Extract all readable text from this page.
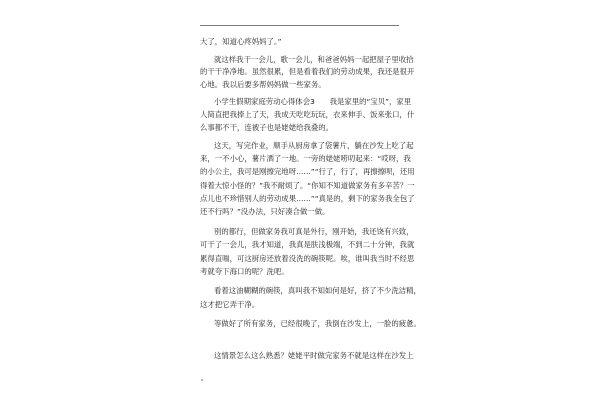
大了，知道心疼妈妈了。”
就这样我干一会儿，歌一会儿，和爸爸妈妈一起把屋子里收拾
的干干净净地。虽然很累，但是看着我们的劳动成果，我还是很开
心地。我以后要多帮妈妈做一些家务。
小学生假期家庭劳动心得体会3　　我是家里的“宝贝”，家里
人简直把我捧上了天，我成天吃吃玩玩，衣来伸手、饭来张口，什
么事都不干，连被子也是姥姥给我叠的。
这天，写完作业，顺手从厨房拿了袋薯片，躺在沙发上吃了起
来，一不小心，薯片洒了一地。一旁的姥姥唠叨起来：“哎呀，我
的小公主，我可是刚擦完地呀……”“行了，行了，再擦擦呗，还用
得着大惊小怪的？”我不耐烦了。“你知不知道做家务有多辛苦？一
点儿也不珍惜别人的劳动成果……”“真是的，剩下的家务我全包了
还不行吗？”没办法，只好凑合做一做。
别的都行，但做家务我可真是外行，刚开始，我还饶有兴致，
可干了一会儿，我才知道，我真是肤浅极端，不到二十分钟，我就
累得直喘，可这厨房还放着没洗的碗筷呢。唉，谁叫我当时不经思
考就夸下海口的呢？洗吧。
看着这油糊糊的碗筷，真叫我不知如何是好，挤了不少洗洁精，
这才把它弄干净。
等做好了所有家务，已经很晚了，我倒在沙发上，一脸的疲惫。
这情景怎么这么熟悉？姥姥平时做完家务不就是这样在沙发上
